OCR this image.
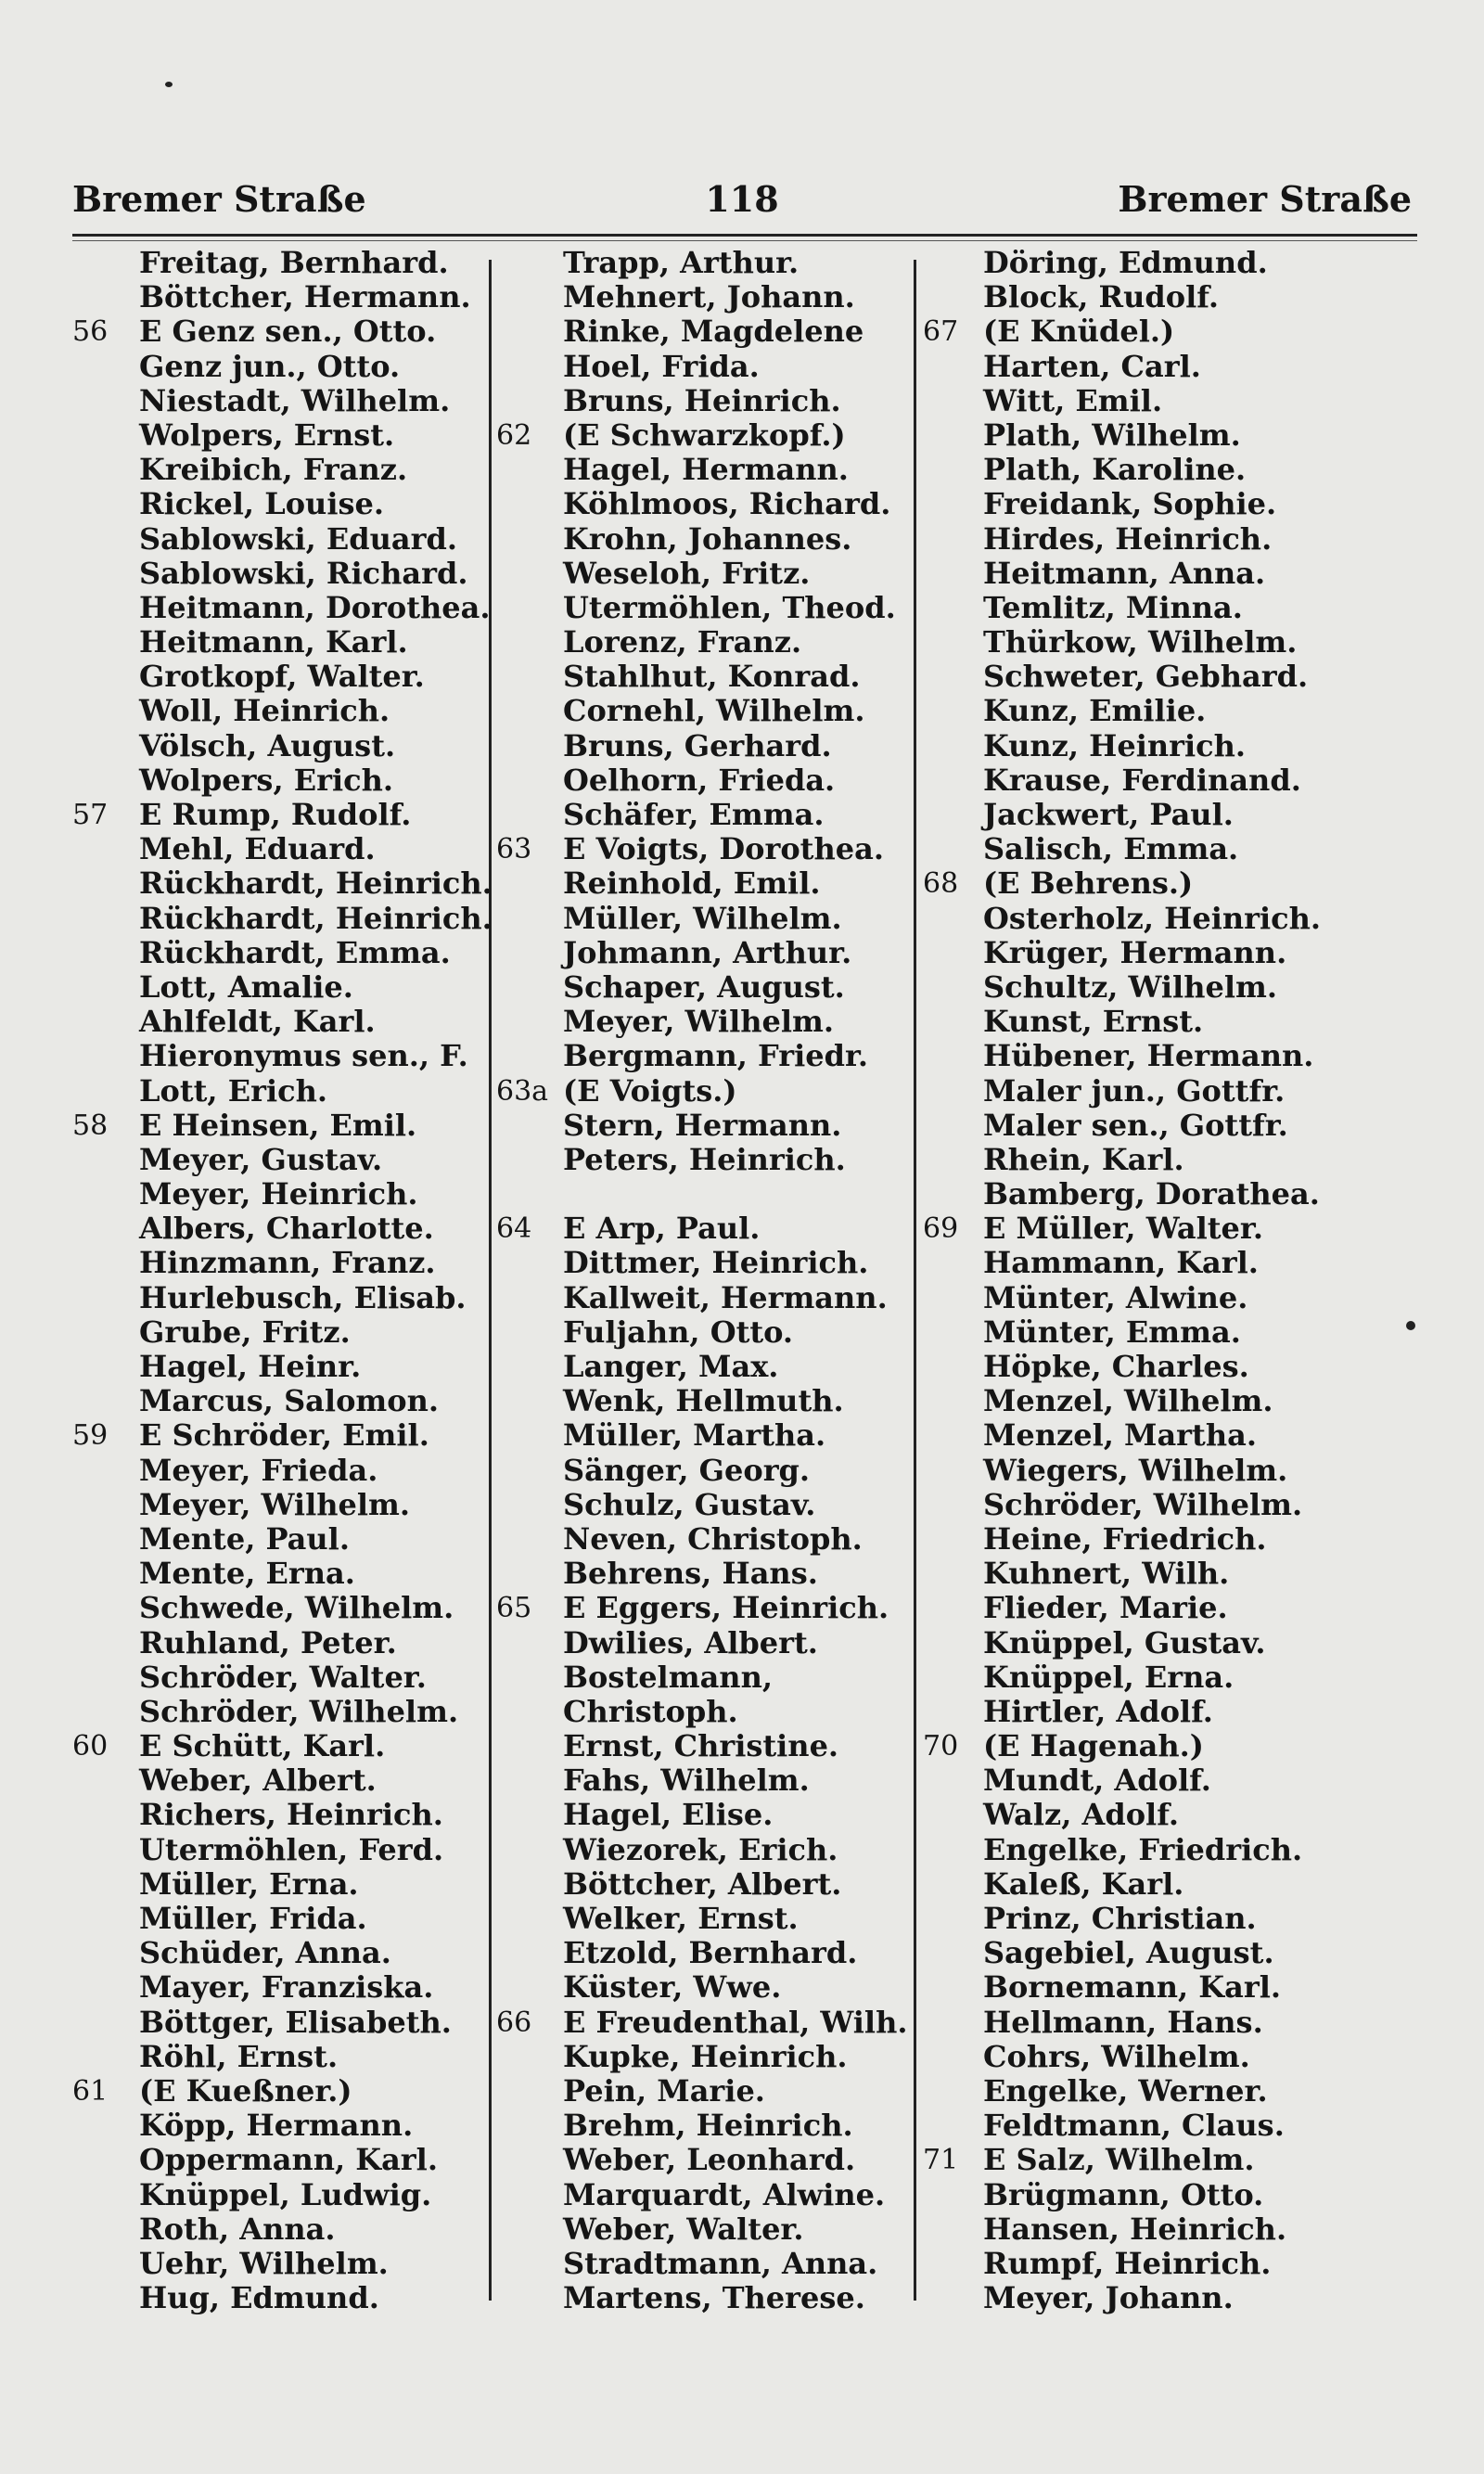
Bremer Straße	118	Bremer Straße
Freitag, Bernhard.
Böttcher, Hermann.
56 E Genz sen., Otto.
Genz jun., Otto.
Niestadt, Wilhelm.
Wolpers, Ernst.
Kreibich, Franz.
Rickel, Louise.
Sablowski, Eduard.
Sablowski, Richard.
Heitmann, Dorothea.
Heitmann, Karl.
Grotkopf, Walter.
Woll, Heinrich.
Völsch, August.
Wolpers, Erich.
57 E Rump, Rudolf.
Mehl, Eduard.
Rückhardt, Heinrich.
Rückhardt, Heinrich.
Rückhardt, Emma.
Lott, Amalie.
Ahlfeldt, Karl.
Hieronymus sen., F.
Lott, Erich.
58 E Heinsen, Emil.
Meyer, Gustav.
Meyer, Heinrich.
Albers, Charlotte.
Hinzmann, Franz.
Hurlebusch, Elisab.
Grube, Fritz.
Hagel, Heinr.
Marcus, Salomon.
59 E Schröder, Emil.
Meyer, Frieda.
Meyer, Wilhelm.
Mente, Paul.
Mente, Erna.
Schwede, Wilhelm.
Ruhland, Peter.
Schröder, Walter.
Schröder, Wilhelm.
60 E Schütt, Karl.
Weber, Albert.
Richers, Heinrich.
Utermöhlen, Ferd.
Müller, Erna.
Müller, Frida.
Schüder, Anna.
Mayer, Franziska.
Böttger, Elisabeth.
Röhl, Ernst.
61 (E Kueßner.)
Köpp, Hermann.
Oppermann, Karl.
Knüppel, Ludwig.
Roth, Anna.
Uehr, Wilhelm.
Hug, Edmund.
Trapp, Arthur.
Mehnert, Johann.
Rinke, Magdelene
Hoel, Frida.
Bruns, Heinrich.
62 (E Schwarzkopf.)
Hagel, Hermann.
Köhlmoos, Richard.
Krohn, Johannes.
Weseloh, Fritz.
Utermöhlen, Theod.
Lorenz, Franz.
Stahlhut, Konrad.
Cornehl, Wilhelm.
Bruns, Gerhard.
Oelhorn, Frieda.
Schäfer, Emma.
63 E Voigts, Dorothea.
Reinhold, Emil.
Müller, Wilhelm.
Johmann, Arthur.
Schaper, August.
Meyer, Wilhelm.
Bergmann, Friedr.
63a (E Voigts.)
Stern, Hermann.
Peters, Heinrich.
64 E Arp, Paul.
Dittmer, Heinrich.
Kallweit, Hermann.
Fuljahn, Otto.
Langer, Max.
Wenk, Hellmuth.
Müller, Martha.
Sänger, Georg.
Schulz, Gustav.
Neven, Christoph.
Behrens, Hans.
65 E Eggers, Heinrich.
Dwilies, Albert.
Bostelmann,
Christoph.
Ernst, Christine.
Fahs, Wilhelm.
Hagel, Elise.
Wiezorek, Erich.
Böttcher, Albert.
Welker, Ernst.
Etzold, Bernhard.
Küster, Wwe.
66 E Freudenthal, Wilh.
Kupke, Heinrich.
Pein, Marie.
Brehm, Heinrich.
Weber, Leonhard.
Marquardt, Alwine.
Weber, Walter.
Stradtmann, Anna.
Martens, Therese.
Döring, Edmund.
Block, Rudolf.
67 (E Knüdel.)
Harten, Carl.
Witt, Emil.
Plath, Wilhelm.
Plath, Karoline.
Freidank, Sophie.
Hirdes, Heinrich.
Heitmann, Anna.
Temlitz, Minna.
Thürkow, Wilhelm.
Schweter, Gebhard.
Kunz, Emilie.
Kunz, Heinrich.
Krause, Ferdinand.
Jackwert, Paul.
Salisch, Emma.
68 (E Behrens.)
Osterholz, Heinrich.
Krüger, Hermann.
Schultz, Wilhelm.
Kunst, Ernst.
Hübener, Hermann.
Maler jun., Gottfr.
Maler sen., Gottfr.
Rhein, Karl.
Bamberg, Dorathea.
69 E Müller, Walter.
Hammann, Karl.
Münter, Alwine.
Münter, Emma.
Höpke, Charles.
Menzel, Wilhelm.
Menzel, Martha.
Wiegers, Wilhelm.
Schröder, Wilhelm.
Heine, Friedrich.
Kuhnert, Wilh.
Flieder, Marie.
Knüppel, Gustav.
Knüppel, Erna.
Hirtler, Adolf.
70 (E Hagenah.)
Mundt, Adolf.
Walz, Adolf.
Engelke, Friedrich.
Kaleß, Karl.
Prinz, Christian.
Sagebiel, August.
Bornemann, Karl.
Hellmann, Hans.
Cohrs, Wilhelm.
Engelke, Werner.
Feldtmann, Claus.
71 E Salz, Wilhelm.
Brügmann, Otto.
Hansen, Heinrich.
Rumpf, Heinrich.
Meyer, Johann.
